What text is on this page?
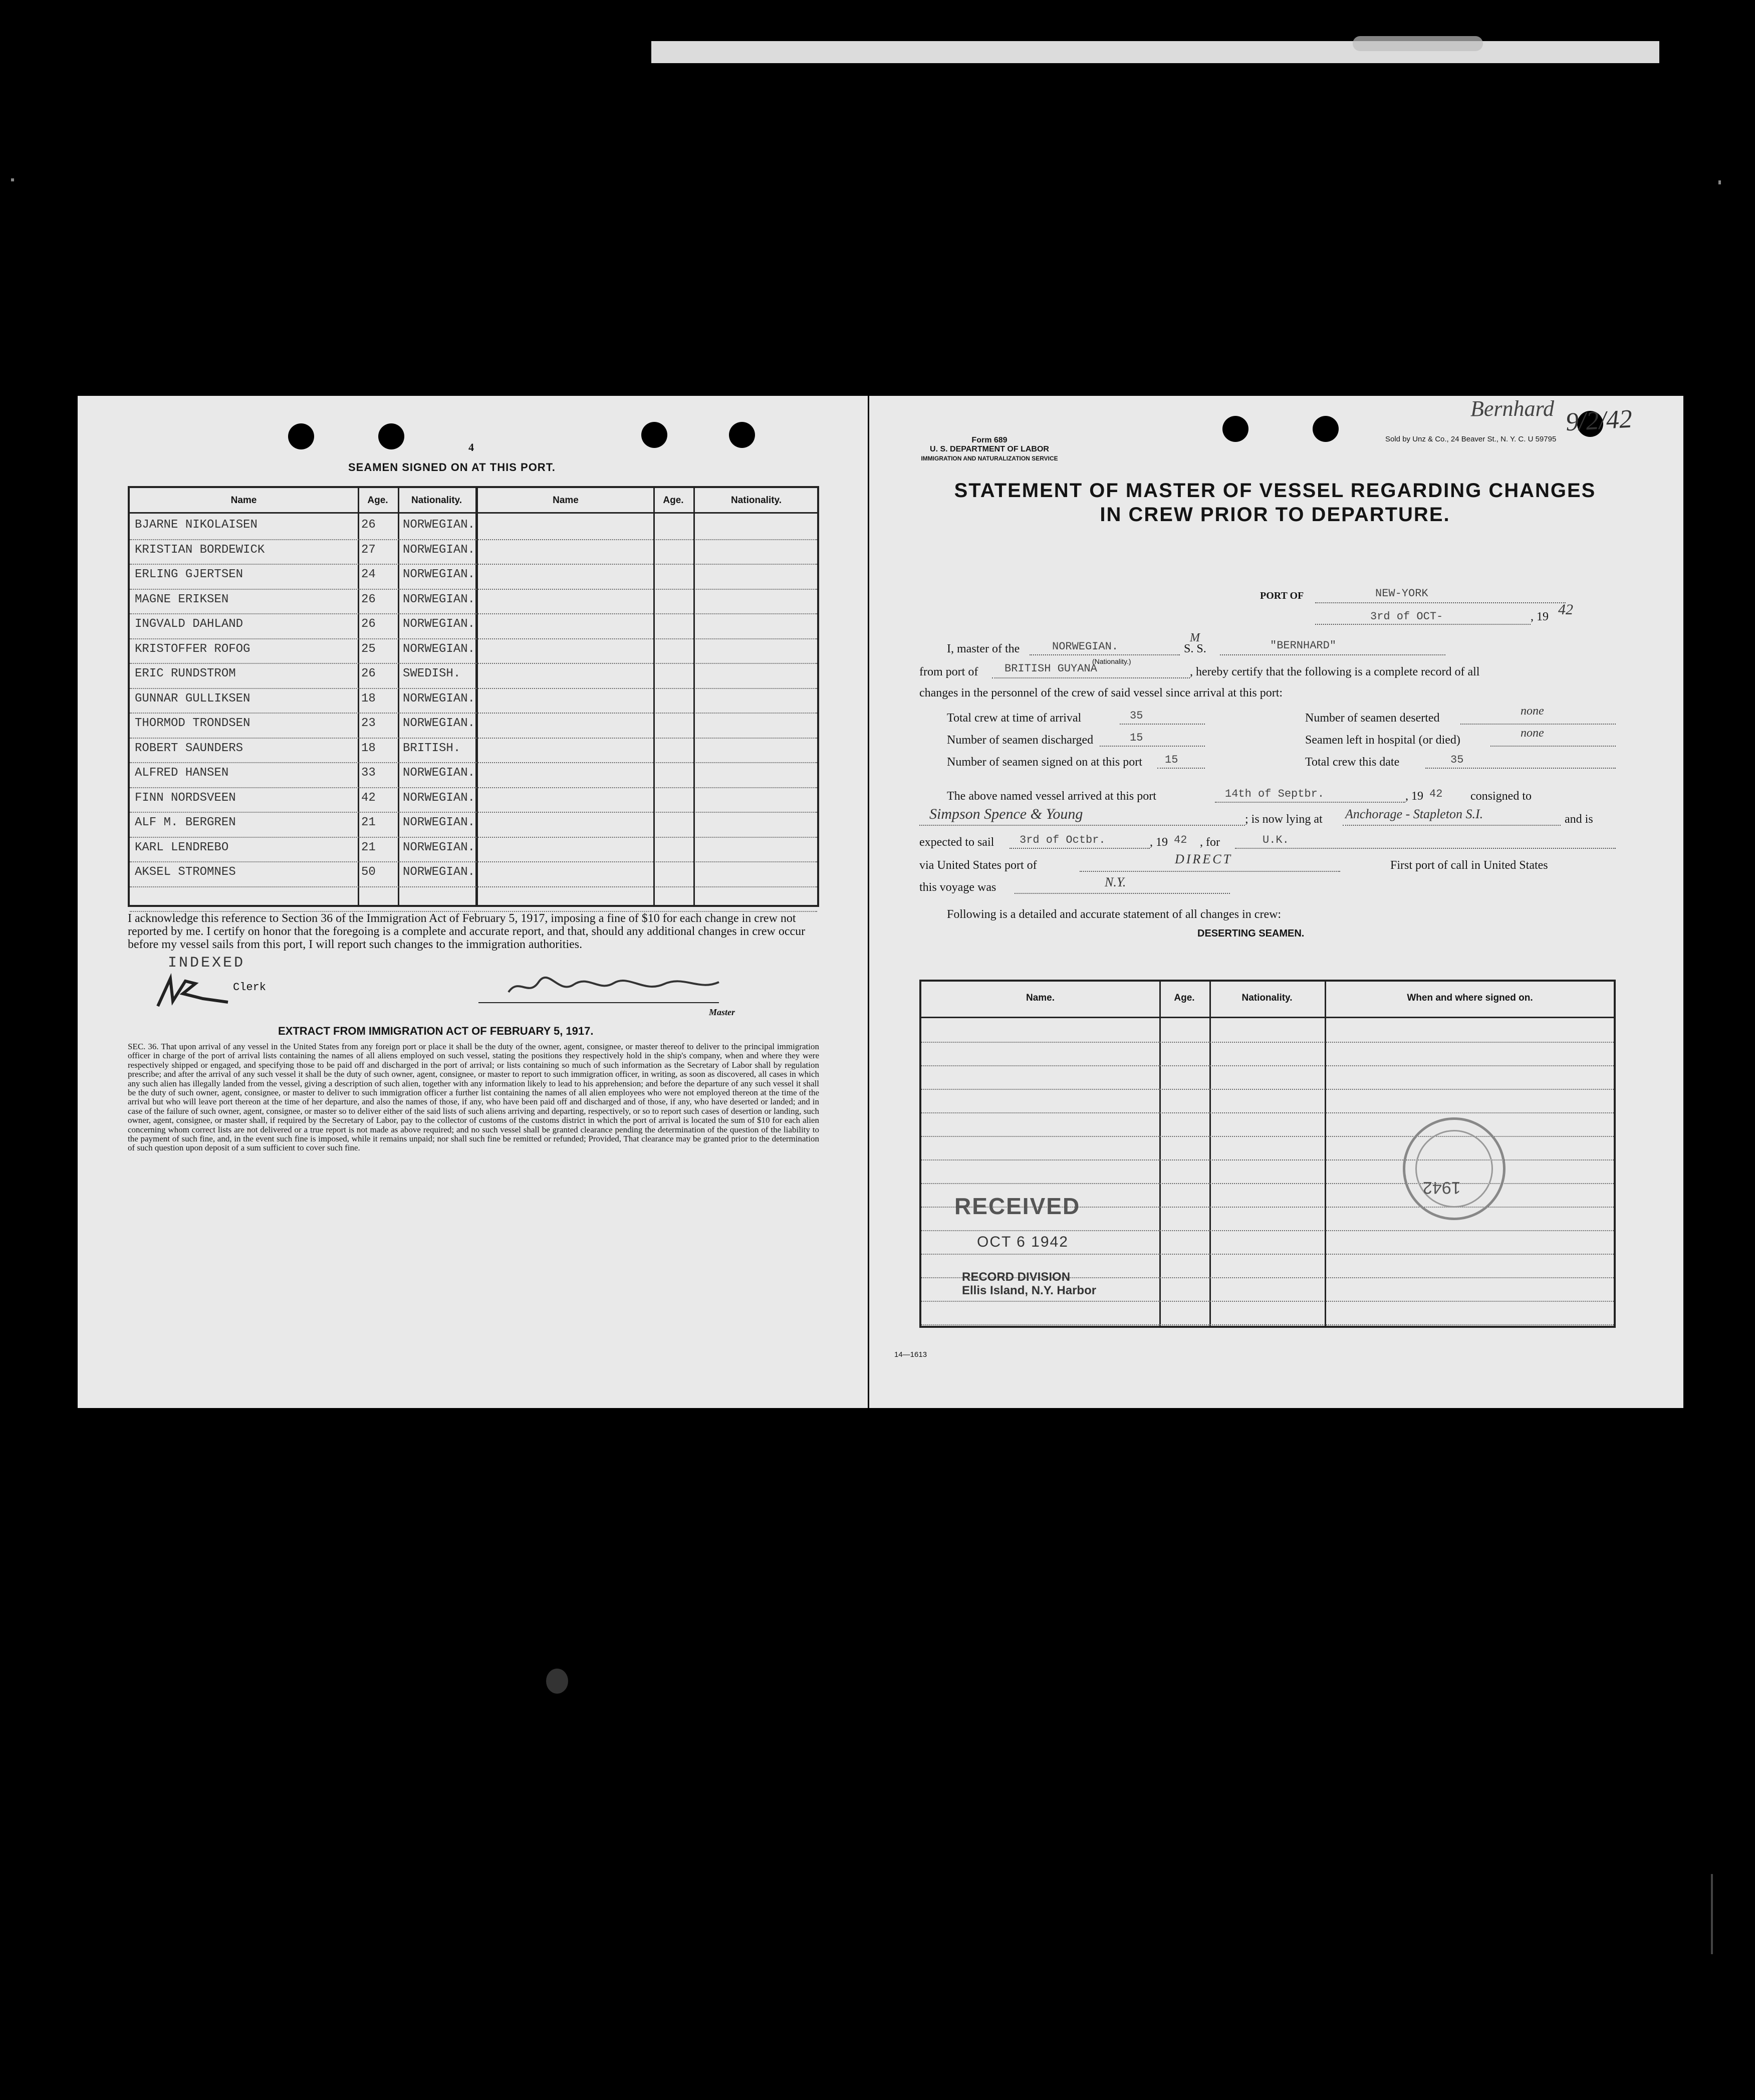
4
SEAMEN SIGNED ON AT THIS PORT.
Name	Age.	Nationality.	Name	Age.	Nationality.
BJARNE NIKOLAISEN	26 NORWEGIAN.
KRISTIAN BORDEWICK	27 NORWEGIAN.
ERLING GJERTSEN	24 NORWEGIAN.
MAGNE ERIKSEN	26 NORWEGIAN.
INGVALD DAHLAND	26 NORWEGIAN.
KRISTOFFER ROFOG	25 NORWEGIAN.
ERIC RUNDSTROM	26 SWEDISH.
GUNNAR GULLIKSEN	18 NORWEGIAN.
THORMOD TRONDSEN	23 NORWEGIAN.
ROBERT SAUNDERS	18 BRITISH.
ALFRED HANSEN	33 NORWEGIAN.
FINN NORDSVEEN	42 NORWEGIAN.
ALF M. BERGREN	21 NORWEGIAN.
KARL LENDREBO	21 NORWEGIAN.
AKSEL STROMNES	50 NORWEGIAN.
I acknowledge this reference to Section 36 of the Immigration Act of February 5, 1917, imposing a fine of $10 for each change in crew not reported by me. I certify on honor that the foregoing is a complete and accurate report, and that, should any additional changes in crew occur before my vessel sails from this port, I will report such changes to the immigration authorities.
INDEXED
Clerk
Master
EXTRACT FROM IMMIGRATION ACT OF FEBRUARY 5, 1917.
SEC. 36. That upon arrival of any vessel in the United States from any foreign port or place it shall be the duty of the owner, agent, consignee, or master thereof to deliver to the principal immigration officer in charge of the port of arrival lists containing the names of all aliens employed on such vessel, stating the positions they respectively hold in the ship's company, when and where they were respectively shipped or engaged, and specifying those to be paid off and discharged in the port of arrival; or lists containing so much of such information as the Secretary of Labor shall by regulation prescribe; and after the arrival of any such vessel it shall be the duty of such owner, agent, consignee, or master to report to such immigration officer, in writing, as soon as discovered, all cases in which any such alien has illegally landed from the vessel, giving a description of such alien, together with any information likely to lead to his apprehension; and before the departure of any such vessel it shall be the duty of such owner, agent, consignee, or master to deliver to such immigration officer a further list containing the names of all alien employees who were not employed thereon at the time of the arrival but who will leave port thereon at the time of her departure, and also the names of those, if any, who have been paid off and discharged and of those, if any, who have deserted or landed; and in case of the failure of such owner, agent, consignee, or master so to deliver either of the said lists of such aliens arriving and departing, respectively, or so to report such cases of desertion or landing, such owner, agent, consignee, or master shall, if required by the Secretary of Labor, pay to the collector of customs of the customs district in which the port of arrival is located the sum of $10 for each alien concerning whom correct lists are not delivered or a true report is not made as above required; and no such vessel shall be granted clearance pending the determination of the question of the liability to the payment of such fine, and, in the event such fine is imposed, while it remains unpaid; nor shall such fine be remitted or refunded; Provided, That clearance may be granted prior to the determination of such question upon deposit of a sum sufficient to cover such fine.
Form 689
U. S. DEPARTMENT OF LABOR
IMMIGRATION AND NATURALIZATION SERVICE
Sold by Unz & Co., 24 Beaver St., N. Y. C. U 59795
Bernhard 9/2/42
STATEMENT OF MASTER OF VESSEL REGARDING CHANGES
IN CREW PRIOR TO DEPARTURE.
PORT OF	NEW-YORK
3rd of OCT-	, 19 42
I, master of the	NORWEGIAN.
(Nationality.)
M
S. S.	"BERNHARD"
from port of BRITISH GUYANA	, hereby certify that the following is a complete record of all
changes in the personnel of the crew of said vessel since arrival at this port:
Total crew at time of arrival	35	Number of seamen deserted
none
Number of seamen discharged	15	Seamen left in hospital (or died)
none
Number of seamen signed on at this port 15	Total crew this date	35
The above named vessel arrived at this port	14th of Septbr.	, 19 42 consigned to
Simpson Spence & Young	; is now lying at Anchorage - Stapleton S.I.	and is
expected to sail 3rd of Octbr.	, 19 42 , for	U.K.
via United States port of	DIRECT	First port of call in United States
this voyage was	N.Y.
Following is a detailed and accurate statement of all changes in crew:
DESERTING SEAMEN.
Name.	Age.	Nationality.	When and where signed on.
RECEIVED
OCT 6 1942
RECORD DIVISION
Ellis Island, N.Y. Harbor
1942
14—1613
